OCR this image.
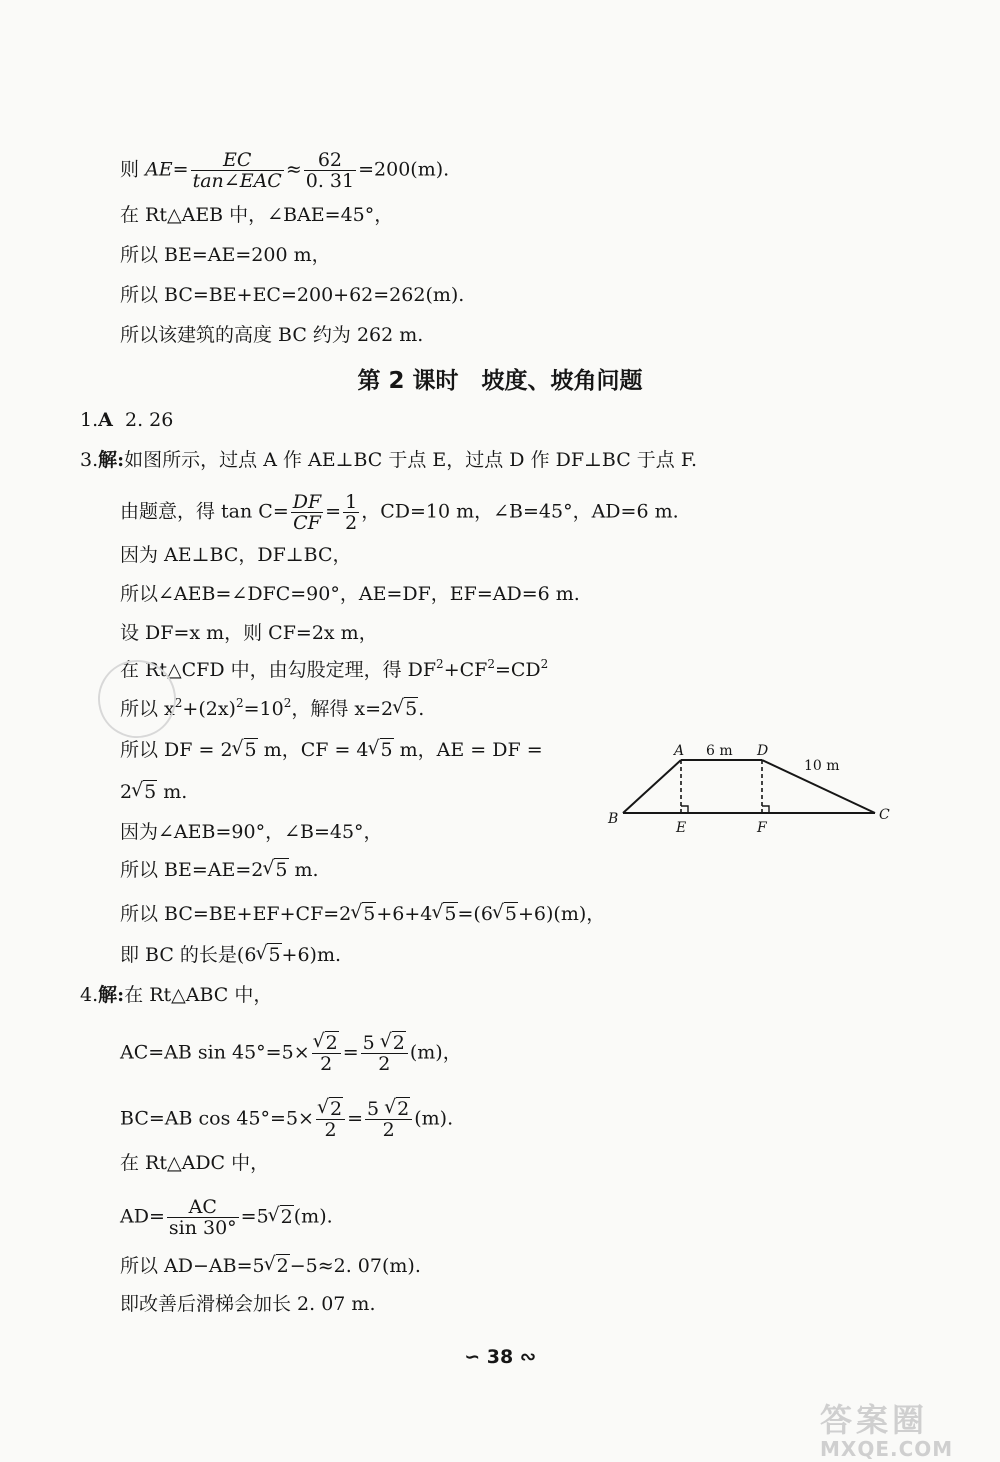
则 $AE= \frac{EC}{\text{tan∠EAC}} \approx \frac{62}{0. 31} =200(m)$.
在 Rt△AEB 中，∠BAE=45°，
所以 BE=AE=200 m，
所以 BC=BE+EC=200+62=262(m).
所以该建筑的高度 BC 约为 262 m.
第 2 课时　坡度、坡角问题
1.A 2. 26
3.解:如图所示，过点 A 作 AE⊥BC 于点 E，过点 D 作 DF⊥BC 于点 F.
由题意，得 $\tan C= \frac{DF}{CF} = \frac{1}{2}$ ，CD=10 m，∠B=45°，AD=6 m.
因为 AE⊥BC，DF⊥BC，
所以∠AEB=∠DFC=90°，AE=DF，EF=AD=6 m.
设 DF=x m，则 CF=2x m，
在 Rt△CFD 中，由勾股定理，得 $DF^2+CF^2=CD^2$
所以 $x^2+(2x)^2=10^2$，解得 x=2√ 5.
所以 DF = 2√ 5 m，CF = 4√ 5 m，AE = DF =
2√ 5 m.
因为∠AEB=90°，∠B=45°，
所以 BE=AE=2√ 5 m.
所以 BC=BE+EF+CF=2√ 5+6+4√ 5=(6√ 5+6)(m)，
即 BC 的长是(6√ 5+6)m.
A	D
B
E	F
C
6 m
10 m
4.解:在 Rt△ABC 中，
AC=AB sin 45°=5×
√ $\frac{2}{2} = \frac{5 √ 2}{2} (m)$，
BC=AB cos 45°=5×
√ $\frac{2}{2} = \frac{5 √ 2}{2} (m)$.
在 Rt△ADC 中，
$AD= \frac{AC}{\sin 30^\circ} =5√$ 2(m).
所以 AD−AB=5√ 2−5≈2. 07(m).
即改善后滑梯会加长 2. 07 m.
∽ 38 ∾
答案圈
MXQE.COM
